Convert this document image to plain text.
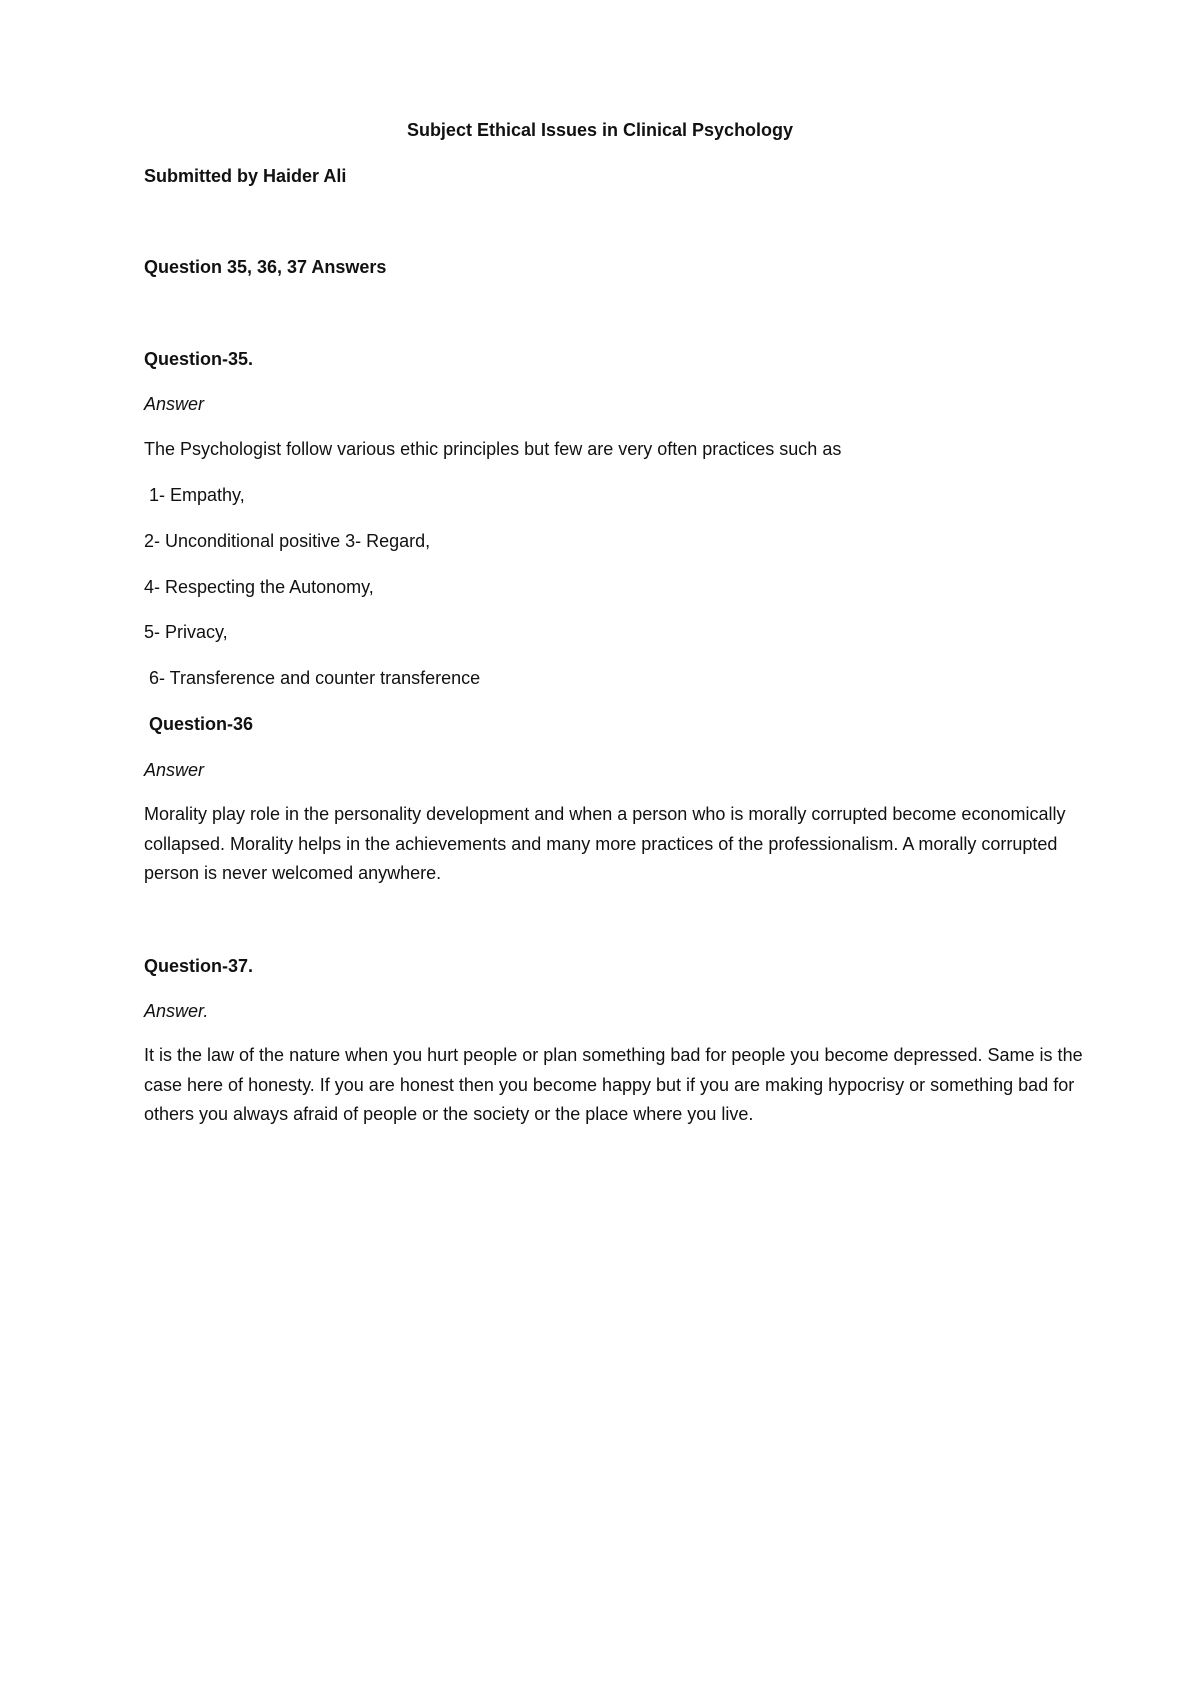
Subject Ethical Issues in Clinical Psychology
Submitted by Haider Ali
Question 35, 36, 37 Answers
Question-35.
Answer
The Psychologist follow various ethic principles but few are very often practices such as
1- Empathy,
2- Unconditional positive 3- Regard,
4- Respecting the Autonomy,
5- Privacy,
6- Transference and counter transference
Question-36
Answer
Morality play role in the personality development and when a person who is morally corrupted become economically collapsed. Morality helps in the achievements and many more practices of the professionalism. A morally corrupted person is never welcomed anywhere.
Question-37.
Answer.
It is the law of the nature when you hurt people or plan something bad for people you become depressed. Same is the case here of honesty. If you are honest then you become happy but if you are making hypocrisy or something bad for others you always afraid of people or the society or the place where you live.
